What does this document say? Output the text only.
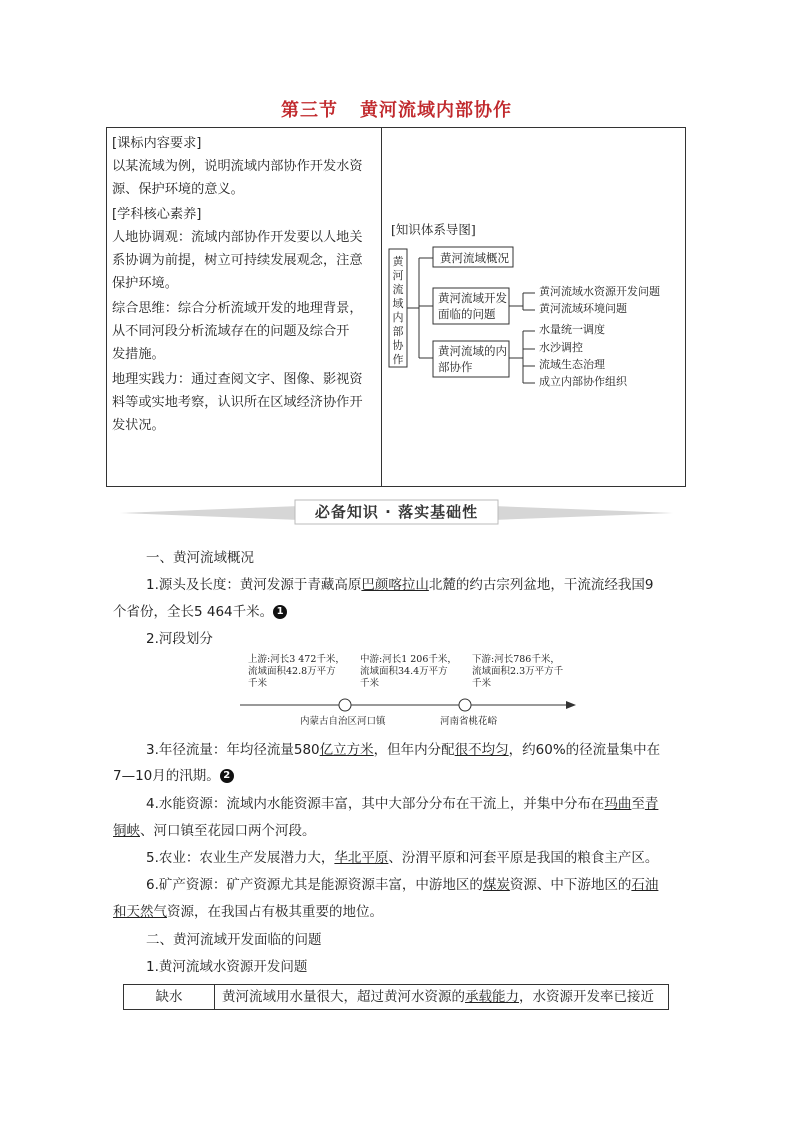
第三节 黄河流域内部协作

[课标内容要求]

以某流域为例，说明流域内部协作开发水资

源、保护环境的意义。

[学科核心素养]

人地协调观：流域内部协作开发要以人地关

系协调为前提，树立可持续发展观念，注意

保护环境。

综合思维：综合分析流域开发的地理背景，

从不同河段分析流域存在的问题及综合开

发措施。

地理实践力：通过查阅文字、图像、影视资

料等或实地考察，认识所在区域经济协作开

发状况。

[知识体系导图]
黄
河
流
域
内
部
协
作
黄河流域概况
黄河流域开发
面临的问题
黄河流域的内
部协作
黄河流域水资源开发问题
黄河流域环境问题
水量统一调度
水沙调控
流域生态治理
成立内部协作组织
必备知识 · 落实基础性
一、黄河流域概况
1.源头及长度：黄河发源于青藏高原巴颜喀拉山北麓的约古宗列盆地，干流流经我国9
个省份，全长5 464千米。 1
2.河段划分
上游:河长3 472千米，
流域面积42.8万平方
千米
中游:河长1 206千米，
流域面积34.4万平方
千米
下游:河长786千米，
流域面积2.3万平方千
千米
内蒙古自治区河口镇	河南省桃花峪
3.年径流量：年均径流量580亿立方米，但年内分配很不均匀，约60%的径流量集中在
7—10月的汛期。 2
4.水能资源：流域内水能资源丰富，其中大部分分布在干流上，并集中分布在玛曲至青
铜峡、河口镇至花园口两个河段。
5.农业：农业生产发展潜力大，华北平原、汾渭平原和河套平原是我国的粮食主产区。
6.矿产资源：矿产资源尤其是能源资源丰富，中游地区的煤炭资源、中下游地区的石油
和天然气资源，在我国占有极其重要的地位。
二、黄河流域开发面临的问题
1.黄河流域水资源开发问题
缺水	黄河流域用水量很大，超过黄河水资源的承载能力，水资源开发率已接近
